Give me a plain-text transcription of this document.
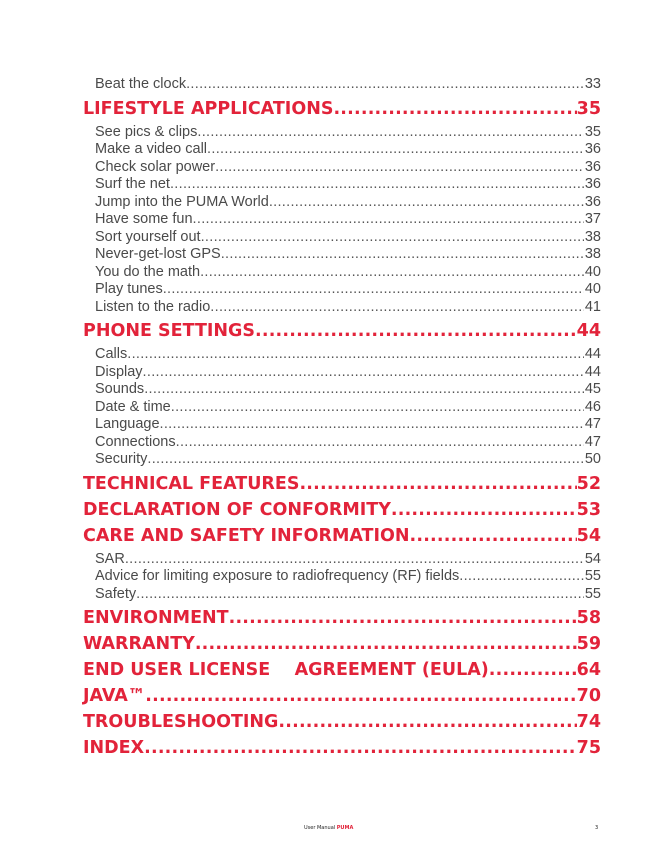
Beat the clock .....	33
LIFESTYLE APPLICATIONS .....	35
See pics & clips .....	35
Make a video call .....	36
Check solar power .....	36
Surf the net .....	36
Jump into the PUMA World .....	36
Have some fun .....	37
Sort yourself out .....	38
Never-get-lost GPS .....	38
You do the math .....	40
Play tunes .....	40
Listen to the radio .....	41
PHONE SETTINGS .....	44
Calls .....	44
Display .....	44
Sounds .....	45
Date & time .....	46
Language .....	47
Connections .....	47
Security .....	50
TECHNICAL FEATURES .....	52
DECLARATION OF CONFORMITY .....	53
CARE AND SAFETY INFORMATION .....	54
SAR .....	54
Advice for limiting exposure to radiofrequency (RF) fields .....	55
Safety .....	55
ENVIRONMENT .....	58
WARRANTY .....	59
END USER LICENSE    AGREEMENT (EULA) .....	64
JAVA™ .....	70
TROUBLESHOOTING .....	74
INDEX .....	75
User Manual PUMA	3
